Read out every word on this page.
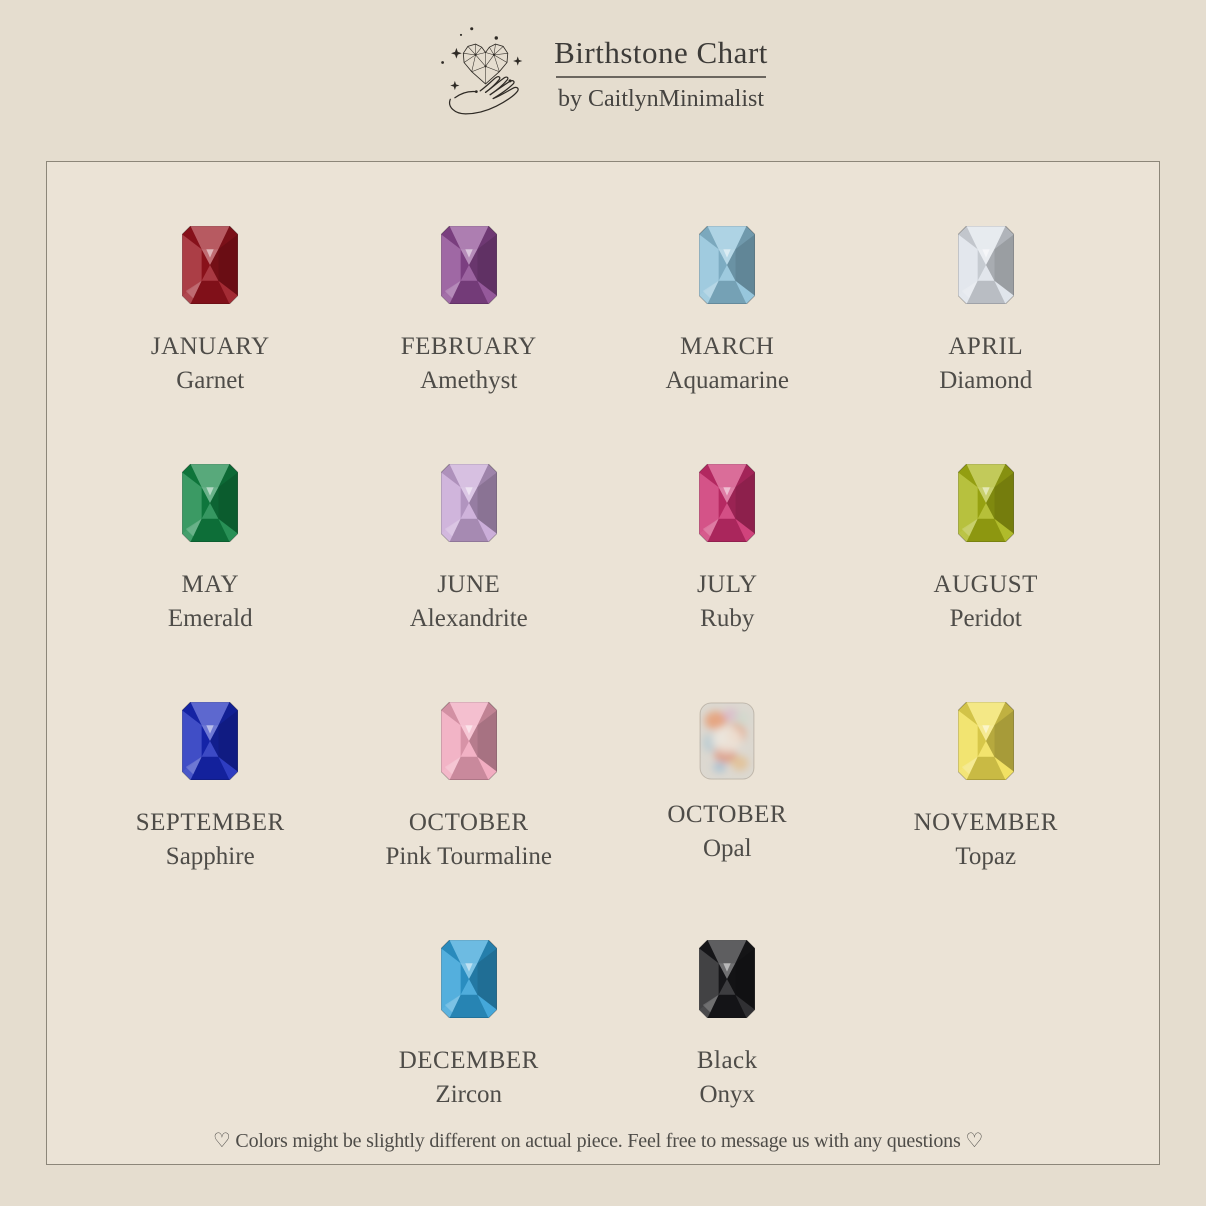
Birthstone Chart
by CaitlynMinimalist
JANUARY
Garnet
FEBRUARY
Amethyst
MARCH
Aquamarine
APRIL
Diamond
MAY
Emerald
JUNE
Alexandrite
JULY
Ruby
AUGUST
Peridot
SEPTEMBER
Sapphire
OCTOBER
Pink Tourmaline
OCTOBER
Opal
NOVEMBER
Topaz
DECEMBER
Zircon
Black
Onyx
♡ Colors might be slightly different on actual piece. Feel free to message us with any questions ♡
